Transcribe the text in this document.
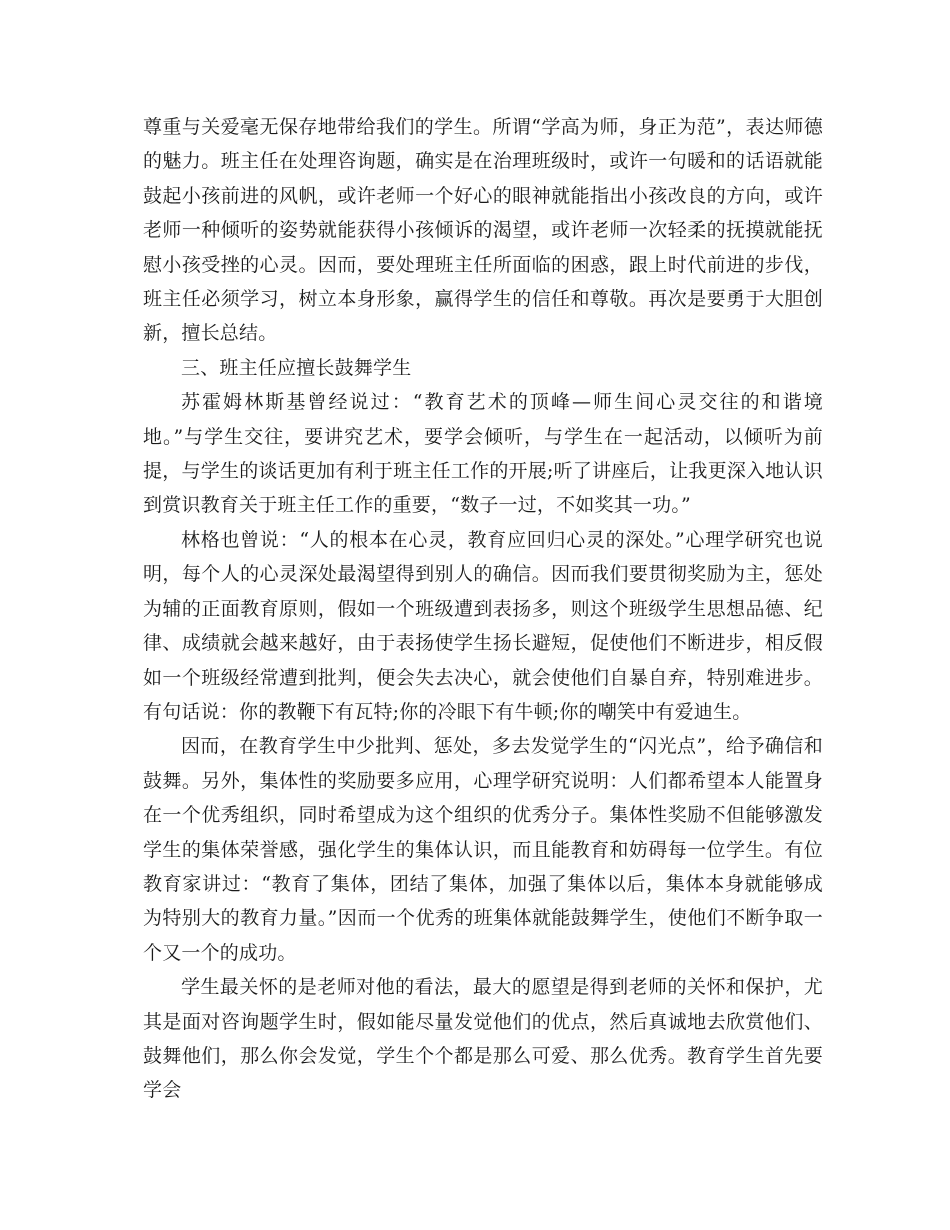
尊重与关爱毫无保存地带给我们的学生。所谓“学高为师，身正为范”，表达师德的魅力。班主任在处理咨询题，确实是在治理班级时，或许一句暖和的话语就能鼓起小孩前进的风帆，或许老师一个好心的眼神就能指出小孩改良的方向，或许老师一种倾听的姿势就能获得小孩倾诉的渴望，或许老师一次轻柔的抚摸就能抚慰小孩受挫的心灵。因而，要处理班主任所面临的困惑，跟上时代前进的步伐，班主任必须学习，树立本身形象，赢得学生的信任和尊敬。再次是要勇于大胆创新，擅长总结。

三、班主任应擅长鼓舞学生

苏霍姆林斯基曾经说过：“教育艺术的顶峰—师生间心灵交往的和谐境地。”与学生交往，要讲究艺术，要学会倾听，与学生在一起活动，以倾听为前提，与学生的谈话更加有利于班主任工作的开展;听了讲座后，让我更深入地认识到赏识教育关于班主任工作的重要，“数子一过，不如奖其一功。”

林格也曾说：“人的根本在心灵，教育应回归心灵的深处。”心理学研究也说明，每个人的心灵深处最渴望得到别人的确信。因而我们要贯彻奖励为主，惩处为辅的正面教育原则，假如一个班级遭到表扬多，则这个班级学生思想品德、纪律、成绩就会越来越好，由于表扬使学生扬长避短，促使他们不断进步，相反假如一个班级经常遭到批判，便会失去决心，就会使他们自暴自弃，特别难进步。有句话说：你的教鞭下有瓦特;你的冷眼下有牛顿;你的嘲笑中有爱迪生。

因而，在教育学生中少批判、惩处，多去发觉学生的“闪光点”，给予确信和鼓舞。另外，集体性的奖励要多应用，心理学研究说明：人们都希望本人能置身在一个优秀组织，同时希望成为这个组织的优秀分子。集体性奖励不但能够激发学生的集体荣誉感，强化学生的集体认识，而且能教育和妨碍每一位学生。有位教育家讲过：“教育了集体，团结了集体，加强了集体以后，集体本身就能够成为特别大的教育力量。”因而一个优秀的班集体就能鼓舞学生，使他们不断争取一个又一个的成功。

学生最关怀的是老师对他的看法，最大的愿望是得到老师的关怀和保护，尤其是面对咨询题学生时，假如能尽量发觉他们的优点，然后真诚地去欣赏他们、鼓舞他们，那么你会发觉，学生个个都是那么可爱、那么优秀。教育学生首先要学会
